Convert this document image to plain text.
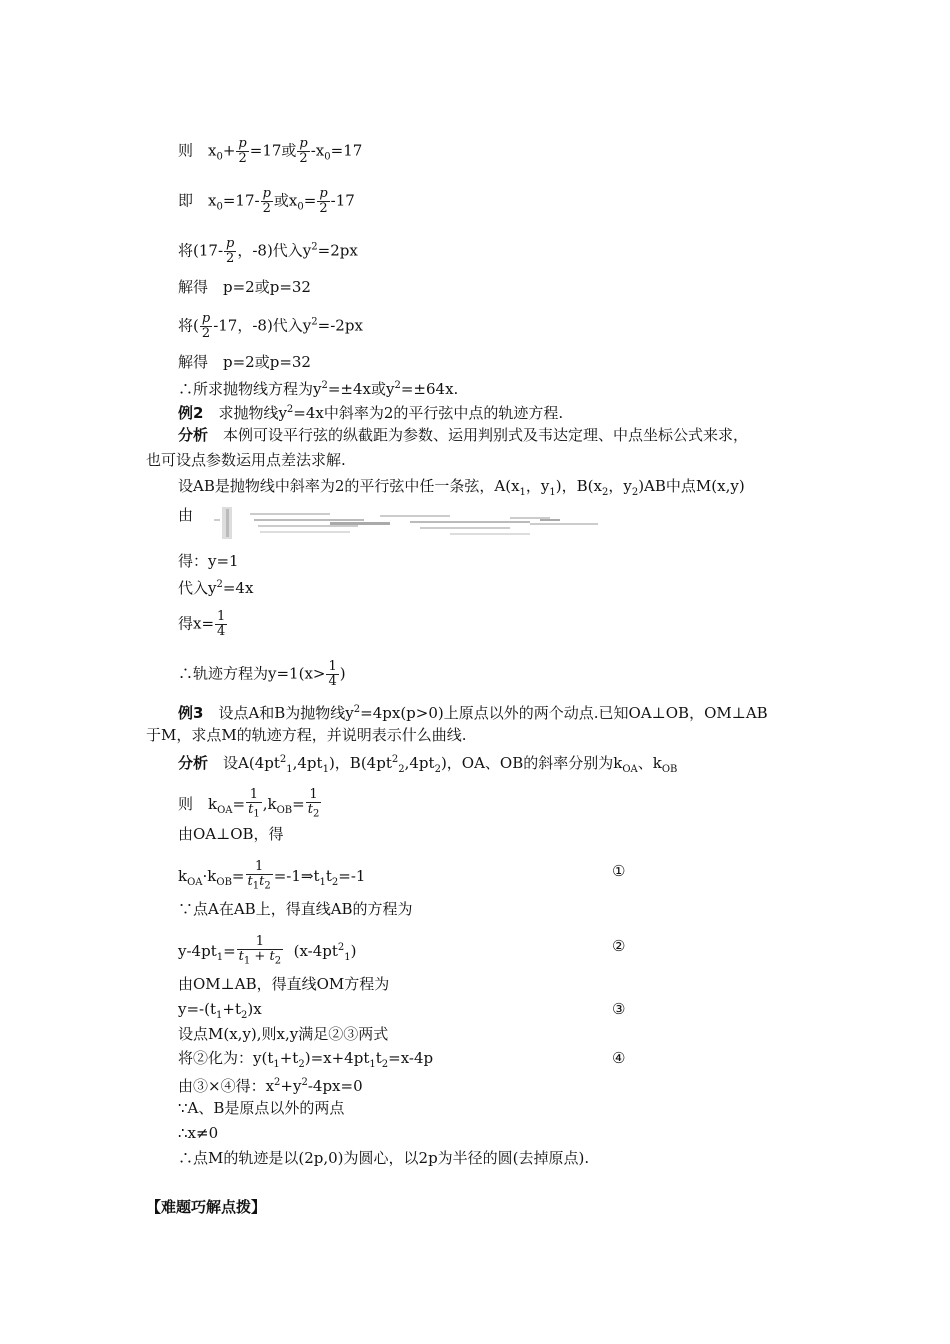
则　$x_0+ \frac{p}{2} =17$或 $\frac{p}{2} -x_0=17$
即　$x_0=17- \frac{p}{2}$ 或$x_0= \frac{p}{2} -17$
将($17- \frac{p}{2}$ ，-8)代入$y^2=2px$
解得　p=2或p=32
将( $\frac{p}{2} -17$，-8)代入$y^2=-2px$
解得　p=2或p=32
∴所求抛物线方程为$y^2=\pm 4x$或$y^2=\pm 64x$.
例2　求抛物线$y^2=4x$中斜率为2的平行弦中点的轨迹方程.
分析　本例可设平行弦的纵截距为参数、运用判别式及韦达定理、中点坐标公式来求，
也可设点参数运用点差法求解.
设AB是抛物线中斜率为2的平行弦中任一条弦，$A(x_1$，$y_1$)，$B(x_2$，$y_2)AB$中点M(x,y)
由
得：y=1
代入$y^2=4x$
得$x= \frac{1}{4}$
∴轨迹方程为$y=1(x> \frac{1}{4}$ )
例3　设点A和B为抛物线$y^2=4px(p>0)$上原点以外的两个动点.已知OA⊥OB，OM⊥AB
于M，求点M的轨迹方程，并说明表示什么曲线.
分析　设$A(4pt^2_1,4pt_1)$，$B(4pt^2_2,4pt_2)$，OA、OB的斜率分别为$k_{OA}$、$k_{OB}$
则　$k_{OA}= \frac{1}{t_1} ,k_{OB}= \frac{1}{t_2}$
由OA⊥OB，得
$k_{OA}\cdot k_{OB}= \frac{1}{t_1t_2}$ $=-1\Rightarrow t_1t_2=-1$	①
∵点A在AB上，得直线AB的方程为
$y-4pt_1= \frac{1}{t_1 + t_2} (x-4pt^2_1)$	②
由OM⊥AB，得直线OM方程为
$y=-(t_1+t_2)x$	③
设点M(x,y),则x,y满足②③两式
将②化为：$y(t_1+t_2)=x+4pt_1t_2=x-4p$	④
由③×④得：$x^2+y^2-4px=0$
∵A、B是原点以外的两点
∴x≠0
∴点M的轨迹是以(2p,0)为圆心，以2p为半径的圆(去掉原点).
【难题巧解点拨】
